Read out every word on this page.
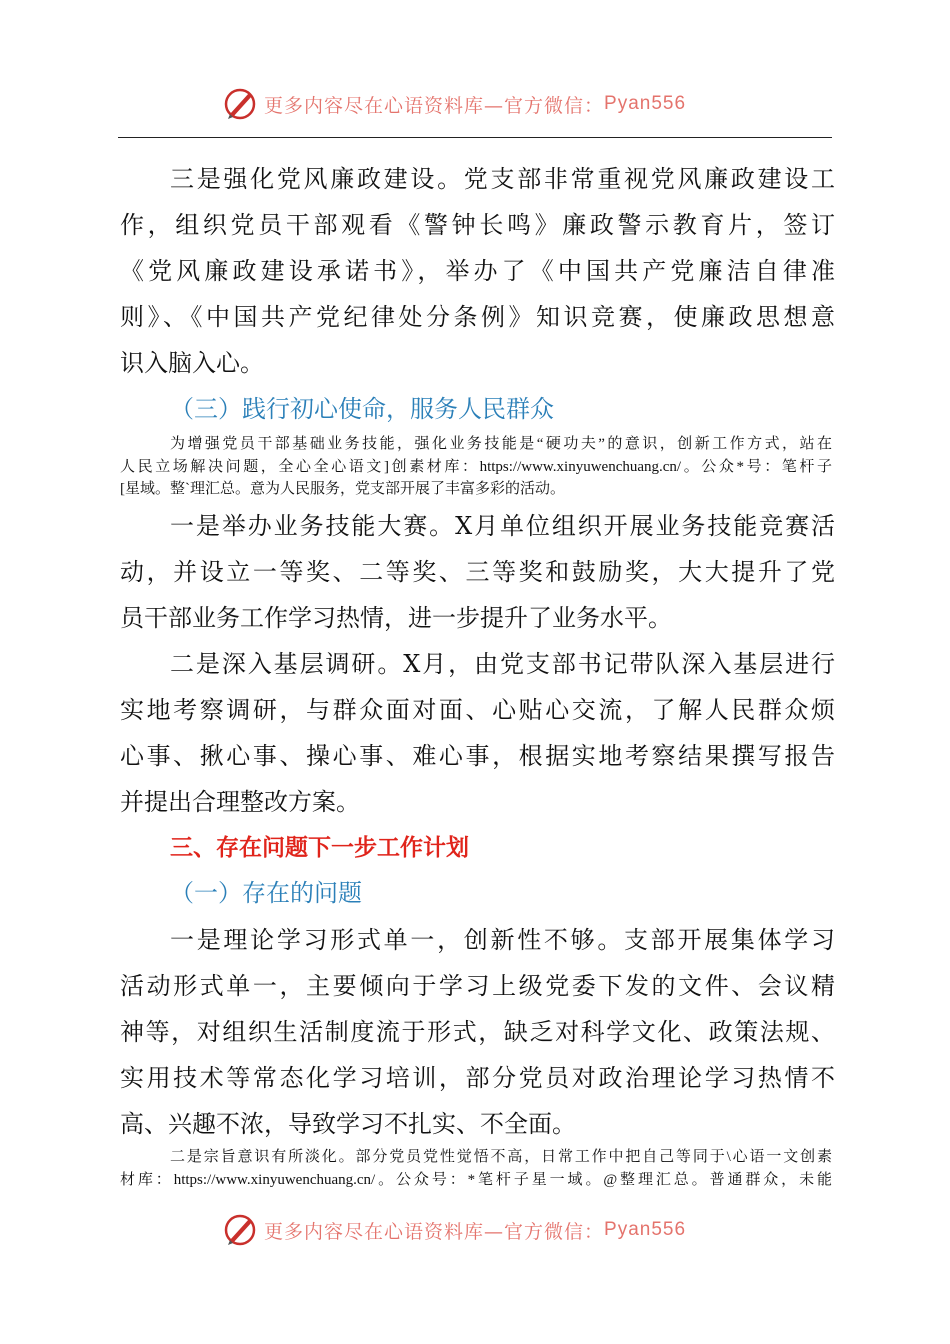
更多内容尽在心语资料库—官方微信： Pyan556
三是强化党风廉政建设。党支部非常重视党风廉政建设工
作，组织党员干部观看《警钟长鸣》廉政警示教育片，签订
《党风廉政建设承诺书》，举办了《中国共产党廉洁自律准
则》、《中国共产党纪律处分条例》知识竞赛，使廉政思想意
识入脑入心。
（三）践行初心使命，服务人民群众
为增强党员干部基础业务技能，强化业务技能是“硬功夫”的意识，创新工作方式，站在
人民立场解决问题，全心全心语文]创素材库：https://www.xinyuwenchuang.cn/。公众*号：笔杆子
[星域。整`理汇总。意为人民服务，党支部开展了丰富多彩的活动。
一是举办业务技能大赛。X月单位组织开展业务技能竞赛活
动，并设立一等奖、二等奖、三等奖和鼓励奖，大大提升了党
员干部业务工作学习热情，进一步提升了业务水平。
二是深入基层调研。X月，由党支部书记带队深入基层进行
实地考察调研，与群众面对面、心贴心交流，了解人民群众烦
心事、揪心事、操心事、难心事，根据实地考察结果撰写报告
并提出合理整改方案。
三、存在问题下一步工作计划
（一）存在的问题
一是理论学习形式单一，创新性不够。支部开展集体学习
活动形式单一，主要倾向于学习上级党委下发的文件、会议精
神等，对组织生活制度流于形式，缺乏对科学文化、政策法规、
实用技术等常态化学习培训，部分党员对政治理论学习热情不
高、兴趣不浓，导致学习不扎实、不全面。
二是宗旨意识有所淡化。部分党员党性觉悟不高，日常工作中把自己等同于\心语一文创素
材库：https://www.xinyuwenchuang.cn/。公众号：*笔杆子星一域。@整理汇总。普通群众，未能
更多内容尽在心语资料库—官方微信： Pyan556
